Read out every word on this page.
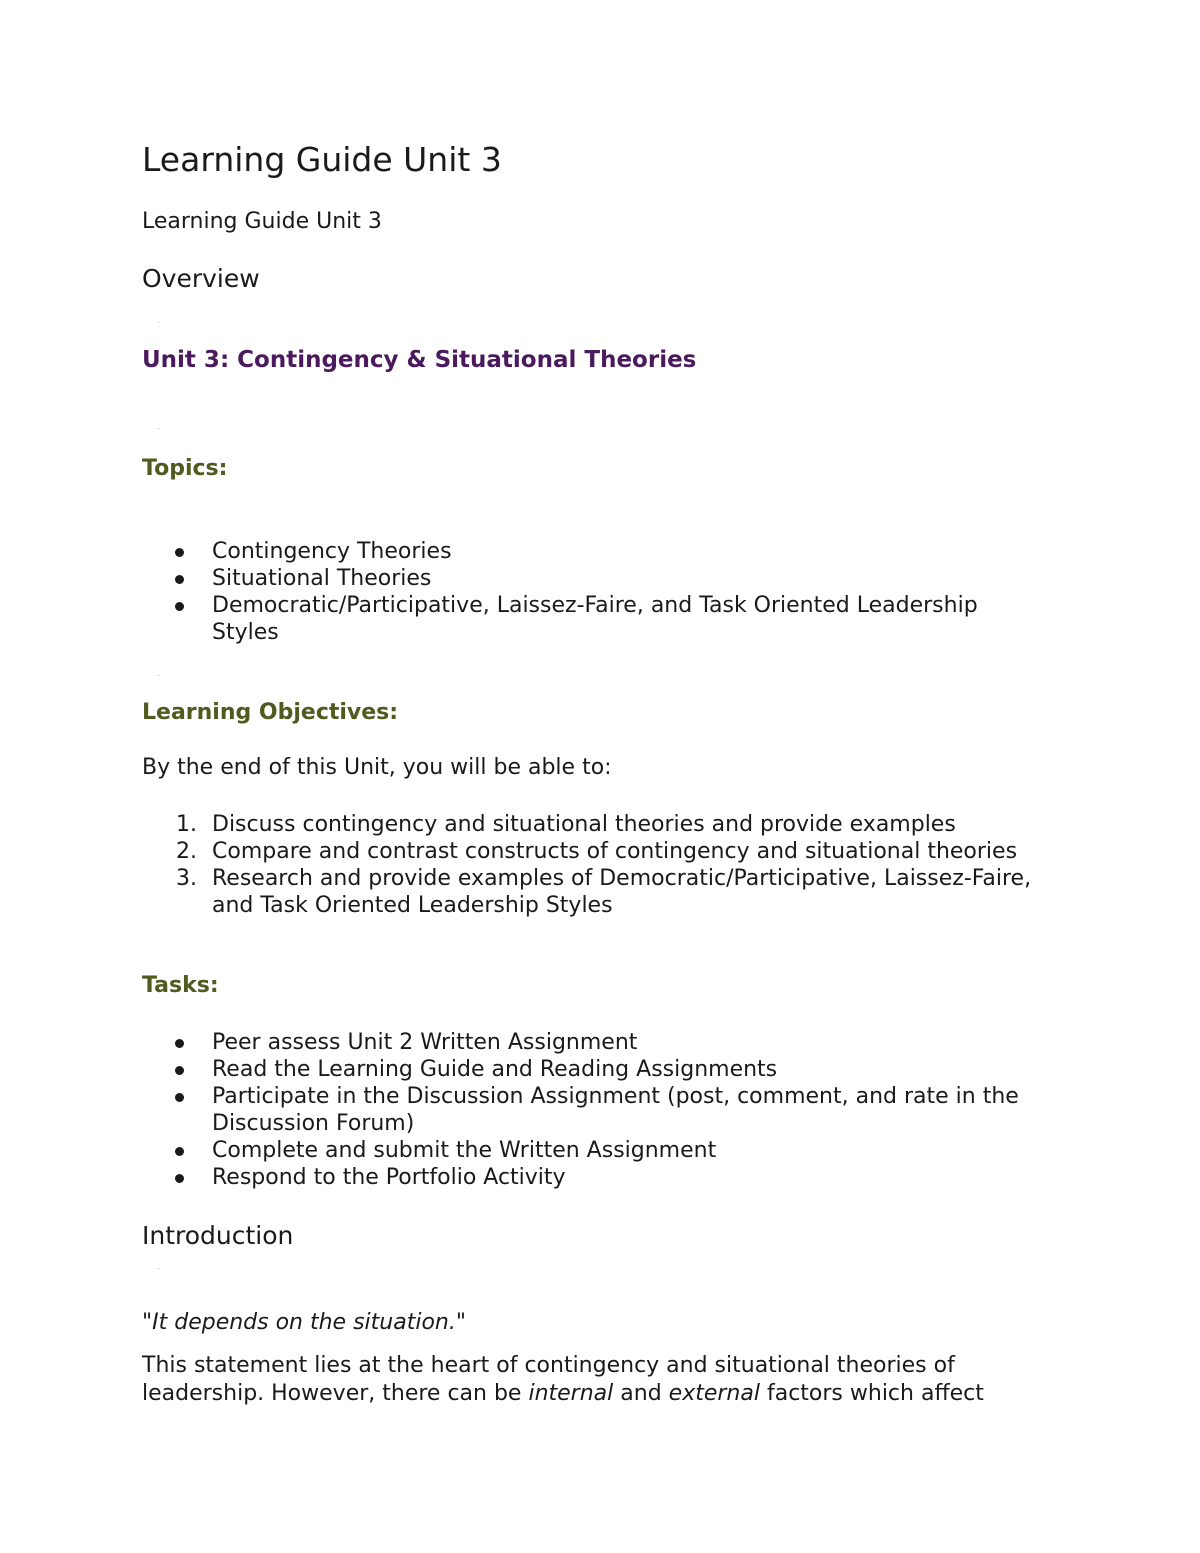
Learning Guide Unit 3

Learning Guide Unit 3

Overview
Unit 3: Contingency & Situational Theories
Topics:
Contingency Theories
Situational Theories
Democratic/Participative, Laissez-Faire, and Task Oriented Leadership Styles
Learning Objectives:

By the end of this Unit, you will be able to:

1. Discuss contingency and situational theories and provide examples
2. Compare and contrast constructs of contingency and situational theories
3. Research and provide examples of Democratic/Participative, Laissez-Faire, and Task Oriented Leadership Styles
Tasks:
Peer assess Unit 2 Written Assignment
Read the Learning Guide and Reading Assignments
Participate in the Discussion Assignment (post, comment, and rate in the Discussion Forum)
Complete and submit the Written Assignment
Respond to the Portfolio Activity
Introduction

"It depends on the situation."

This statement lies at the heart of contingency and situational theories of leadership. However, there can be internal and external factors which affect
